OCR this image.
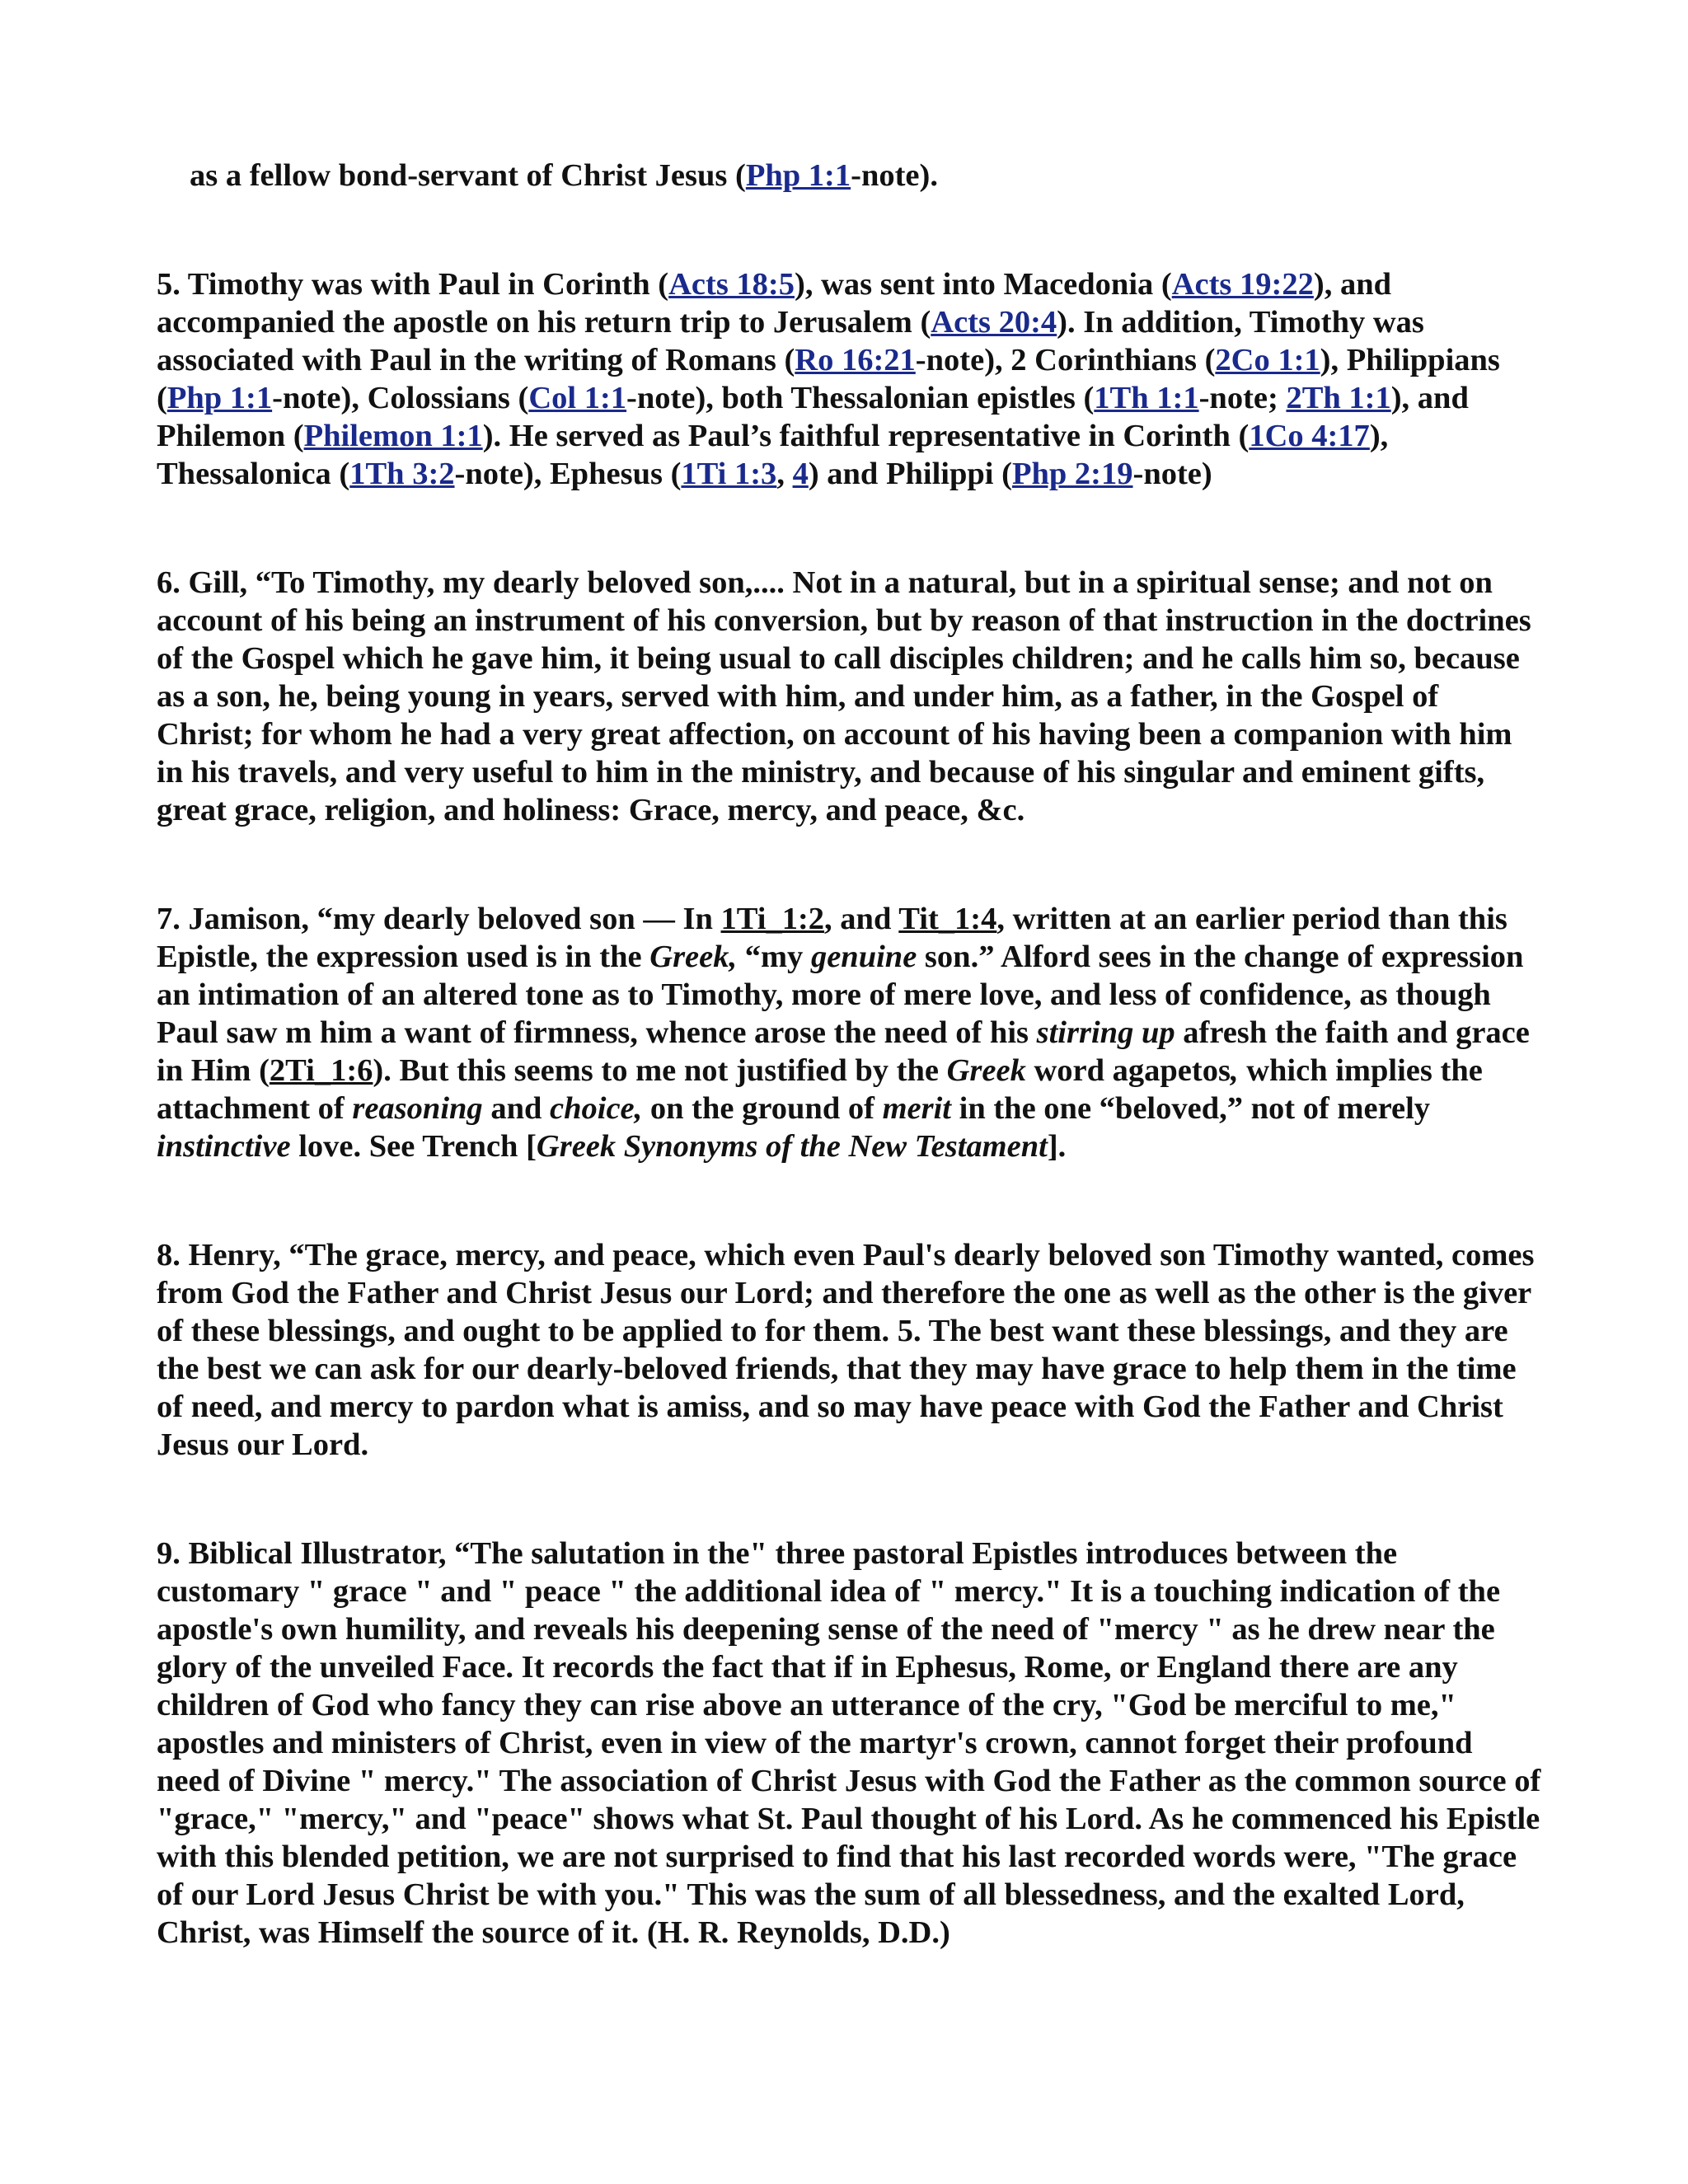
as a fellow bond-servant of Christ Jesus (Php 1:1-note).

5. Timothy was with Paul in Corinth (Acts 18:5), was sent into Macedonia (Acts 19:22), and accompanied the apostle on his return trip to Jerusalem (Acts 20:4). In addition, Timothy was associated with Paul in the writing of Romans (Ro 16:21-note), 2 Corinthians (2Co 1:1), Philippians (Php 1:1-note), Colossians (Col 1:1-note), both Thessalonian epistles (1Th 1:1-note; 2Th 1:1), and Philemon (Philemon 1:1). He served as Paul’s faithful representative in Corinth (1Co 4:17), Thessalonica (1Th 3:2-note), Ephesus (1Ti 1:3, 4) and Philippi (Php 2:19-note)

6. Gill, “To Timothy, my dearly beloved son,.... Not in a natural, but in a spiritual sense; and not on account of his being an instrument of his conversion, but by reason of that instruction in the doctrines of the Gospel which he gave him, it being usual to call disciples children; and he calls him so, because as a son, he, being young in years, served with him, and under him, as a father, in the Gospel of Christ; for whom he had a very great affection, on account of his having been a companion with him in his travels, and very useful to him in the ministry, and because of his singular and eminent gifts, great grace, religion, and holiness: Grace, mercy, and peace, &c.

7. Jamison, “my dearly beloved son — In 1Ti_1:2, and Tit_1:4, written at an earlier period than this Epistle, the expression used is in the Greek, “my genuine son.” Alford sees in the change of expression an intimation of an altered tone as to Timothy, more of mere love, and less of confidence, as though Paul saw m him a want of firmness, whence arose the need of his stirring up afresh the faith and grace in Him (2Ti_1:6). But this seems to me not justified by the Greek word agapetos, which implies the attachment of reasoning and choice, on the ground of merit in the one “beloved,” not of merely instinctive love. See Trench [Greek Synonyms of the New Testament].

8. Henry, “The grace, mercy, and peace, which even Paul's dearly beloved son Timothy wanted, comes from God the Father and Christ Jesus our Lord; and therefore the one as well as the other is the giver of these blessings, and ought to be applied to for them. 5. The best want these blessings, and they are the best we can ask for our dearly-beloved friends, that they may have grace to help them in the time of need, and mercy to pardon what is amiss, and so may have peace with God the Father and Christ Jesus our Lord.

9. Biblical Illustrator, “The salutation in the" three pastoral Epistles introduces between the customary " grace " and " peace " the additional idea of " mercy." It is a touching indication of the apostle's own humility, and reveals his deepening sense of the need of "mercy " as he drew near the glory of the unveiled Face. It records the fact that if in Ephesus, Rome, or England there are any children of God who fancy they can rise above an utterance of the cry, "God be merciful to me," apostles and ministers of Christ, even in view of the martyr's crown, cannot forget their profound need of Divine " mercy." The association of Christ Jesus with God the Father as the common source of "grace," "mercy," and "peace" shows what St. Paul thought of his Lord. As he commenced his Epistle with this blended petition, we are not surprised to find that his last recorded words were, "The grace of our Lord Jesus Christ be with you." This was the sum of all blessedness, and the exalted Lord, Christ, was Himself the source of it. (H. R. Reynolds, D.D.)
